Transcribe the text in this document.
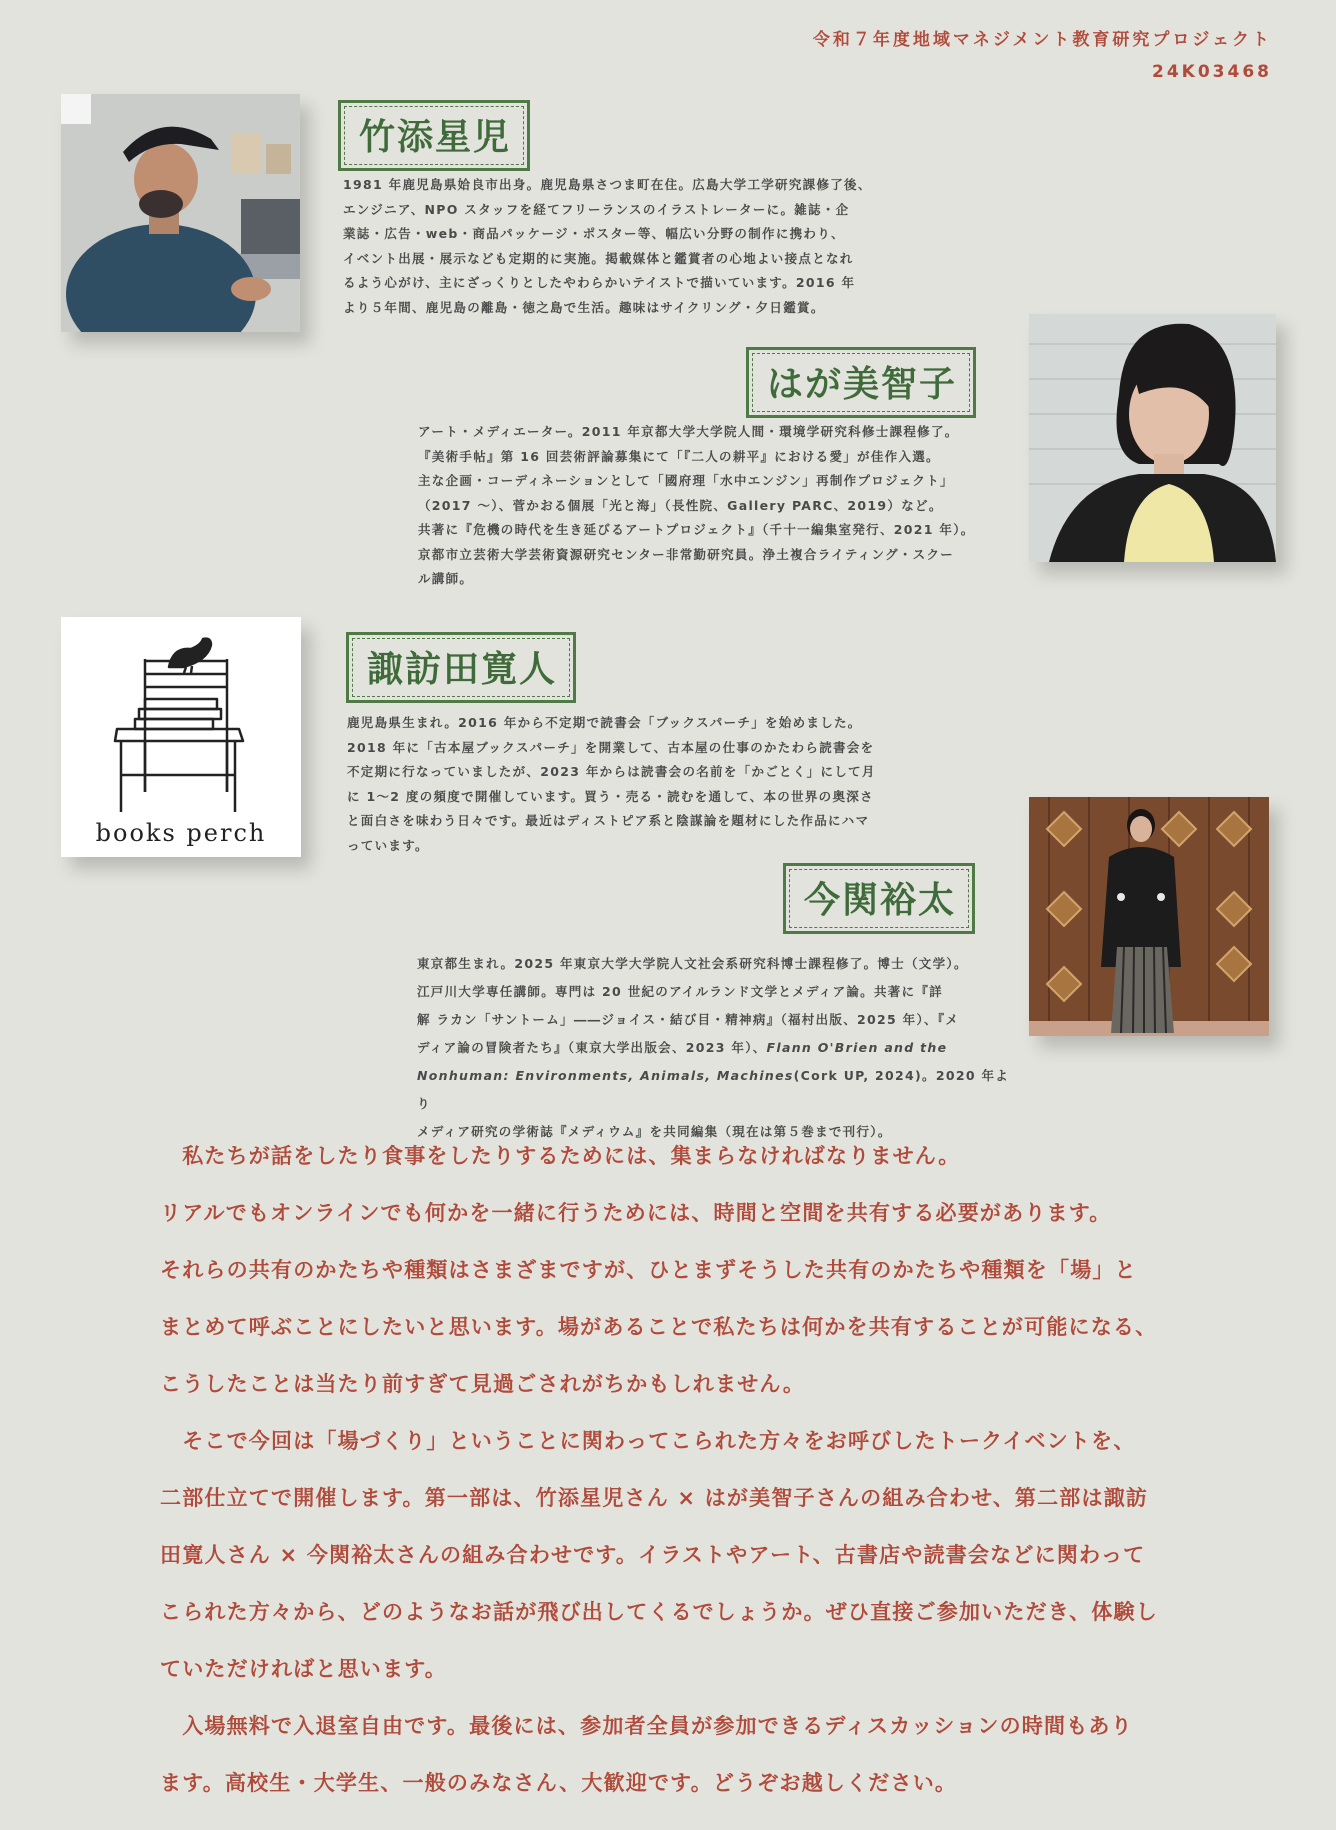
令和７年度地域マネジメント教育研究プロジェクト
24K03468
竹添星児
1981 年鹿児島県姶良市出身。鹿児島県さつま町在住。広島大学工学研究課修了後、
エンジニア、NPO スタッフを経てフリーランスのイラストレーターに。雑誌・企
業誌・広告・web・商品パッケージ・ポスター等、幅広い分野の制作に携わり、
イベント出展・展示なども定期的に実施。掲載媒体と鑑賞者の心地よい接点となれ
るよう心がけ、主にざっくりとしたやわらかいテイストで描いています。2016 年
より５年間、鹿児島の離島・徳之島で生活。趣味はサイクリング・夕日鑑賞。
はが美智子
アート・メディエーター。2011 年京都大学大学院人間・環境学研究科修士課程修了。
『美術手帖』第 16 回芸術評論募集にて「『二人の耕平』における愛」が佳作入選。
主な企画・コーディネーションとして「國府理「水中エンジン」再制作プロジェクト」
（2017 ～）、菅かおる個展「光と海」（長性院、Gallery PARC、2019）など。
共著に『危機の時代を生き延びるアートプロジェクト』（千十一編集室発行、2021 年）。
京都市立芸術大学芸術資源研究センター非常勤研究員。浄土複合ライティング・スクー
ル講師。
books perch
諏訪田寛人
鹿児島県生まれ。2016 年から不定期で読書会「ブックスパーチ」を始めました。
2018 年に「古本屋ブックスパーチ」を開業して、古本屋の仕事のかたわら読書会を
不定期に行なっていましたが、2023 年からは読書会の名前を「かごとく」にして月
に 1～2 度の頻度で開催しています。買う・売る・読むを通して、本の世界の奥深さ
と面白さを味わう日々です。最近はディストピア系と陰謀論を題材にした作品にハマ
っています。
今関裕太
東京都生まれ。2025 年東京大学大学院人文社会系研究科博士課程修了。博士（文学）。
江戸川大学専任講師。専門は 20 世紀のアイルランド文学とメディア論。共著に『詳
解 ラカン「サントーム」――ジョイス・結び目・精神病』（福村出版、2025 年）、『メ
ディア論の冒険者たち』（東京大学出版会、2023 年）、Flann O'Brien and the
Nonhuman: Environments, Animals, Machines(Cork UP, 2024)。2020 年より
メディア研究の学術誌『メディウム』を共同編集（現在は第５巻まで刊行）。

　私たちが話をしたり食事をしたりするためには、集まらなければなりません。

リアルでもオンラインでも何かを一緒に行うためには、時間と空間を共有する必要があります。

それらの共有のかたちや種類はさまざまですが、ひとまずそうした共有のかたちや種類を「場」と

まとめて呼ぶことにしたいと思います。場があることで私たちは何かを共有することが可能になる、

こうしたことは当たり前すぎて見過ごされがちかもしれません。

　そこで今回は「場づくり」ということに関わってこられた方々をお呼びしたトークイベントを、

二部仕立てで開催します。第一部は、竹添星児さん × はが美智子さんの組み合わせ、第二部は諏訪

田寛人さん × 今関裕太さんの組み合わせです。イラストやアート、古書店や読書会などに関わって

こられた方々から、どのようなお話が飛び出してくるでしょうか。ぜひ直接ご参加いただき、体験し

ていただければと思います。

　入場無料で入退室自由です。最後には、参加者全員が参加できるディスカッションの時間もあり

ます。高校生・大学生、一般のみなさん、大歓迎です。どうぞお越しください。
